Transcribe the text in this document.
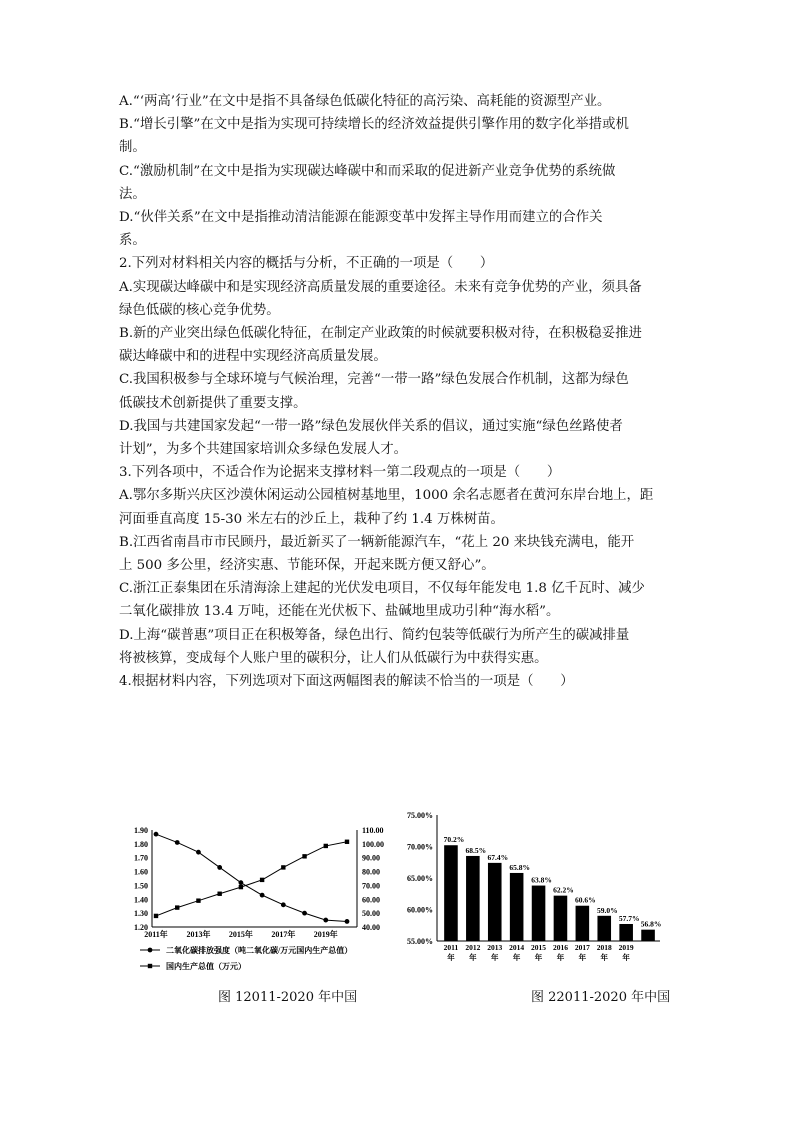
A.“‘两高’行业”在文中是指不具备绿色低碳化特征的高污染、高耗能的资源型产业。
B.“增长引擎”在文中是指为实现可持续增长的经济效益提供引擎作用的数字化举措或机
制。
C.“激励机制”在文中是指为实现碳达峰碳中和而采取的促进新产业竞争优势的系统做
法。
D.“伙伴关系”在文中是指推动清洁能源在能源变革中发挥主导作用而建立的合作关
系。
2.下列对材料相关内容的概括与分析，不正确的一项是（　　）
A.实现碳达峰碳中和是实现经济高质量发展的重要途径。未来有竞争优势的产业，须具备
绿色低碳的核心竞争优势。
B.新的产业突出绿色低碳化特征，在制定产业政策的时候就要积极对待，在积极稳妥推进
碳达峰碳中和的进程中实现经济高质量发展。
C.我国积极参与全球环境与气候治理，完善“一带一路”绿色发展合作机制，这都为绿色
低碳技术创新提供了重要支撑。
D.我国与共建国家发起“一带一路”绿色发展伙伴关系的倡议，通过实施“绿色丝路使者
计划”，为多个共建国家培训众多绿色发展人才。
3.下列各项中，不适合作为论据来支撑材料一第二段观点的一项是（　　）
A.鄂尔多斯兴庆区沙漠休闲运动公园植树基地里，1000 余名志愿者在黄河东岸台地上，距
河面垂直高度 15-30 米左右的沙丘上，栽种了约 1.4 万株树苗。
B.江西省南昌市市民顾丹，最近新买了一辆新能源汽车，“花上 20 来块钱充满电，能开
上 500 多公里，经济实惠、节能环保，开起来既方便又舒心”。
C.浙江正泰集团在乐清海涂上建起的光伏发电项目，不仅每年能发电 1.8 亿千瓦时、减少
二氧化碳排放 13.4 万吨，还能在光伏板下、盐碱地里成功引种“海水稻”。
D.上海“碳普惠”项目正在积极筹备，绿色出行、简约包装等低碳行为所产生的碳减排量
将被核算，变成每个人账户里的碳积分，让人们从低碳行为中获得实惠。
4.根据材料内容，下列选项对下面这两幅图表的解读不恰当的一项是（　　）
1.90
1.80
1.70
1.60
1.50
1.40
1.30
1.20
110.00
100.00
90.00
80.00
70.00
60.00
50.00
40.00
2011年 2013年 2015年 2017年 2019年
二氧化碳排放强度（吨二氧化碳/万元国内生产总值）
国内生产总值（万元）
75.00%
70.00%
65.00%
60.00%
55.00%
70.2%
68.5%
67.4%
65.8%
63.8%
62.2%
60.6%
59.0%
57.7%
56.8%
2011
年
2012
年
2013
年
2014
年
2015
年
2016
年
2017
年
2018
年
2019
年
图 12011-2020 年中国	图 22011-2020 年中国
